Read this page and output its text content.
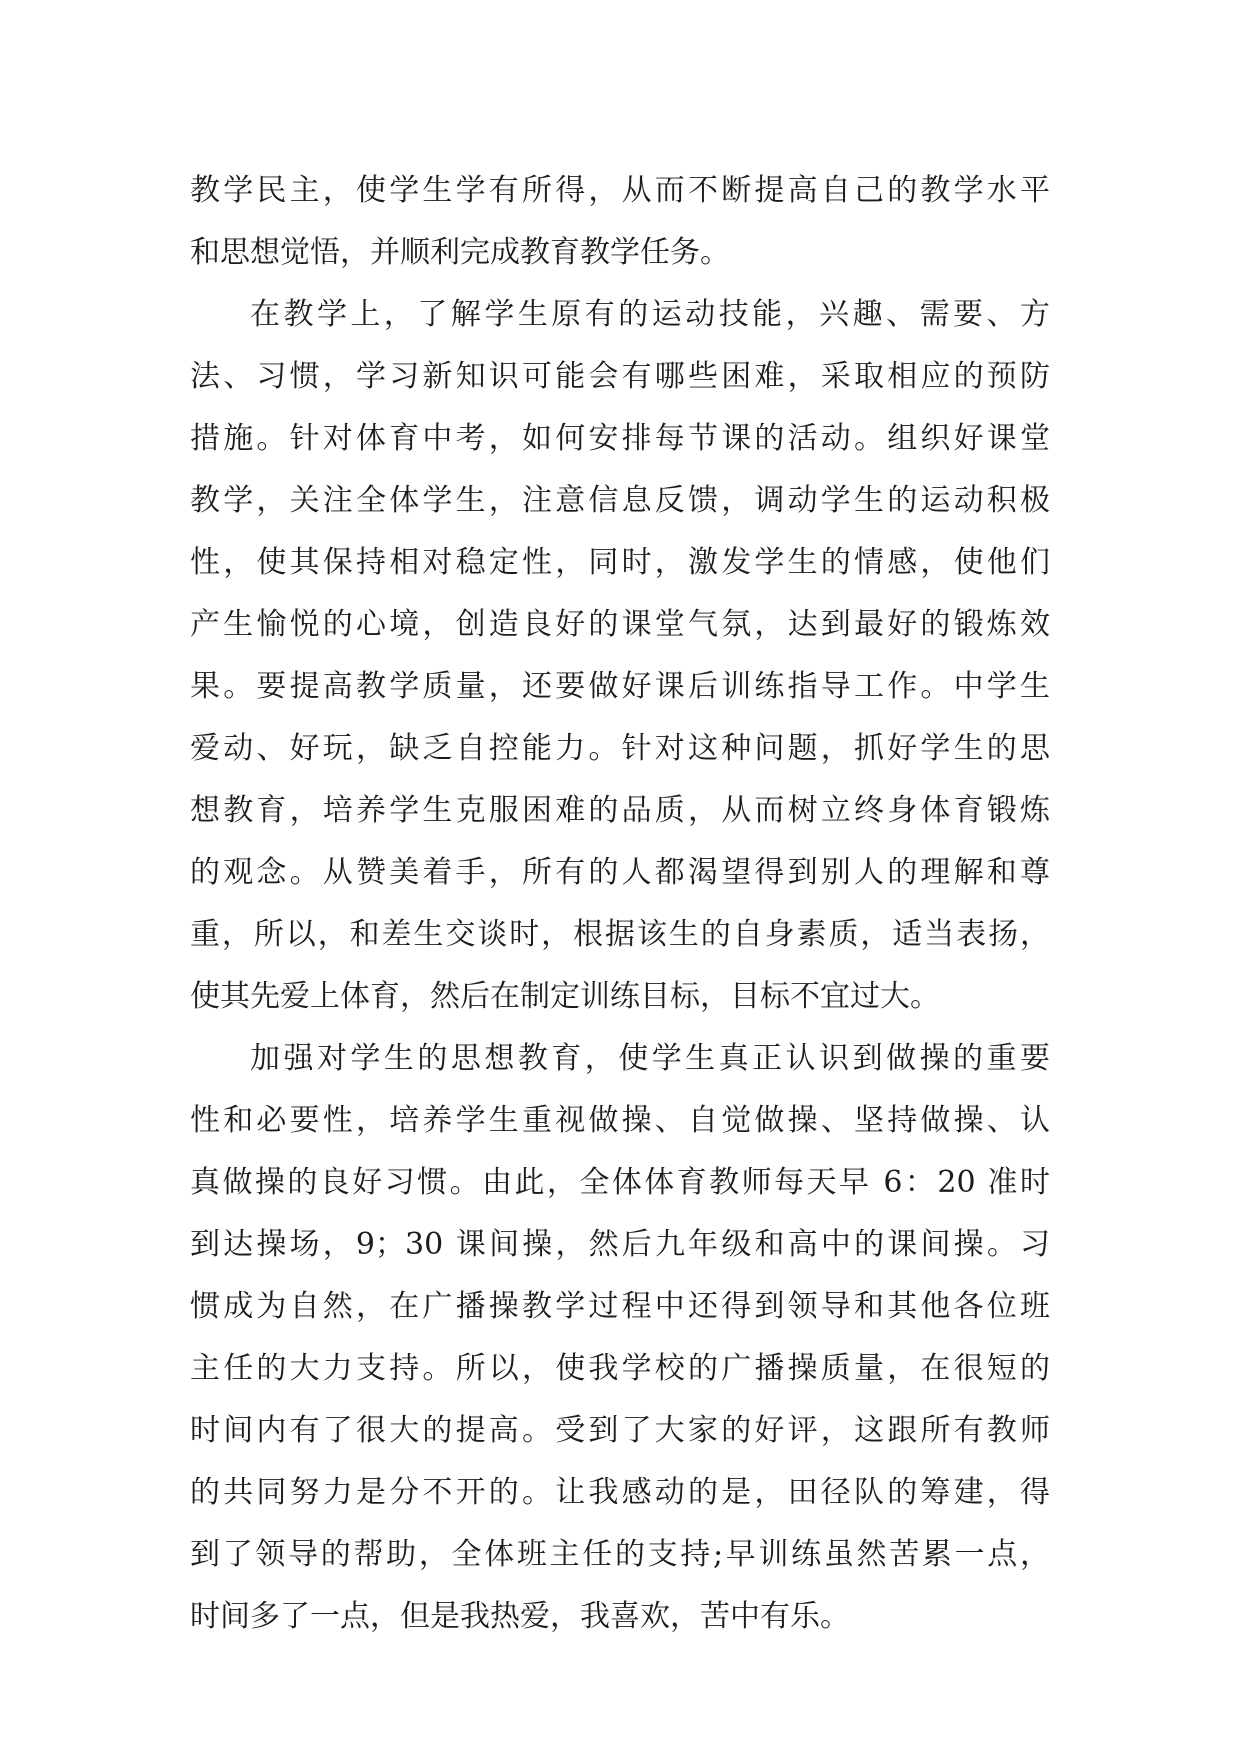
教学民主，使学生学有所得，从而不断提高自己的教学水平
和思想觉悟，并顺利完成教育教学任务。
在教学上，了解学生原有的运动技能，兴趣、需要、方
法、习惯，学习新知识可能会有哪些困难，采取相应的预防
措施。针对体育中考，如何安排每节课的活动。组织好课堂
教学，关注全体学生，注意信息反馈，调动学生的运动积极
性，使其保持相对稳定性，同时，激发学生的情感，使他们
产生愉悦的心境，创造良好的课堂气氛，达到最好的锻炼效
果。要提高教学质量，还要做好课后训练指导工作。中学生
爱动、好玩，缺乏自控能力。针对这种问题，抓好学生的思
想教育，培养学生克服困难的品质，从而树立终身体育锻炼
的观念。从赞美着手，所有的人都渴望得到别人的理解和尊
重，所以，和差生交谈时，根据该生的自身素质，适当表扬，
使其先爱上体育，然后在制定训练目标，目标不宜过大。
加强对学生的思想教育，使学生真正认识到做操的重要
性和必要性，培养学生重视做操、自觉做操、坚持做操、认
真做操的良好习惯。由此，全体体育教师每天早 6：20 准时
到达操场，9；30 课间操，然后九年级和高中的课间操。习
惯成为自然，在广播操教学过程中还得到领导和其他各位班
主任的大力支持。所以，使我学校的广播操质量，在很短的
时间内有了很大的提高。受到了大家的好评，这跟所有教师
的共同努力是分不开的。让我感动的是，田径队的筹建，得
到了领导的帮助，全体班主任的支持;早训练虽然苦累一点，
时间多了一点，但是我热爱，我喜欢，苦中有乐。
